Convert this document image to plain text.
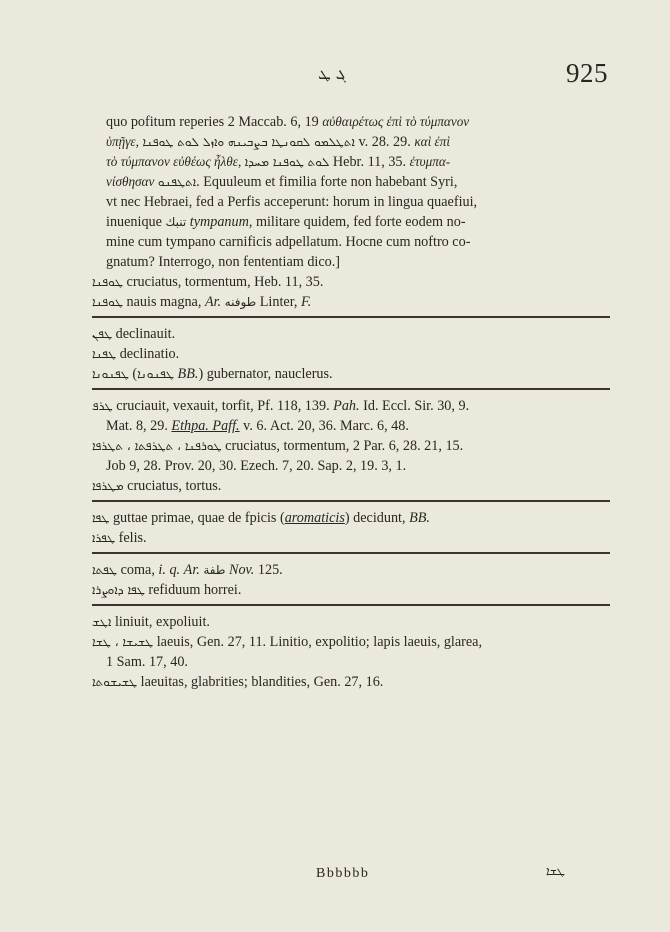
ܓ ܛ	925
quo pofitum reperies 2 Maccab. 6, 19 αὐθαιρέτως ἐπὶ τὸ τύμπανον
ὑπῇγε, ܐܬܛܠܡܘ ܠܩܘܢܛܐ ܒܨܒܝܢܗ ܘܐܙܠ ܠܘܬ ܛܘܦܢܐ v. 28. 29. καὶ ἐπὶ
τὸ τύμπανον εὐθέως ἦλθε, ܠܘܬ ܛܘܦܢܐ ܡܚܕܐ Hebr. 11, 35. ἐτυμπα-
νίσθησαν ܐܬܛܦܢܘ. Equuleum et fimilia forte non habebant Syri,
vt nec Hebraei, fed a Perfis acceperunt: horum in lingua quaefiui,
inuenique ﺗﻨﺒﻚ tympanum, militare quidem, fed forte eodem no-
mine cum tympano carnificis adpellatum. Hocne cum noftro co-
gnatum? Interrogo, non fententiam dico.]
ܛܘܦܢܐ cruciatus, tormentum, Heb. 11, 35.
ܛܘܦܢܐ nauis magna, Ar. ﻃﻮﻓﻨﻪ Linter, F.
ܛܦܢ declinauit.
ܛܦܢܐ declinatio.
ܛܦܢܘܢܐ (ܛܦܢܘܢܐ BB.) gubernator, nauclerus.
ܛܪܦ cruciauit, vexauit, torfit, Pf. 118, 139. Pah. Id. Eccl. Sir. 30, 9.
Mat. 8, 29. Ethpa. Paff. v. 6. Act. 20, 36. Marc. 6, 48.
ܛܘܪܦܢܐ ، ܬܛܪܦܬܐ ، ܬܛܪܦܐ cruciatus, tormentum, 2 Par. 6, 28. 21, 15.
Job 9, 28. Prov. 20, 30. Ezech. 7, 20. Sap. 2, 19. 3, 1.
ܡܛܪܦܐ cruciatus, tortus.
ܛܦܐ guttae primae, quae de fpicis (aromaticis) decidunt, BB.
ܛܦܪܐ felis.
ܛܦܬܐ coma, i. q. Ar. ﻃﻔﺔ Nov. 125.
ܛܦܐ ܕܐܘܨܪܐ refiduum horrei.
ܐܛܫ liniuit, expoliuit.
ܛܫܝܫܐ ، ܛܫܐ laeuis, Gen. 27, 11. Linitio, expolitio; lapis laeuis, glarea,
1 Sam. 17, 40.
ܛܫܝܫܘܬܐ laeuitas, glabrities; blandities, Gen. 27, 16.
Bbbbbb	ܛܫܐ
